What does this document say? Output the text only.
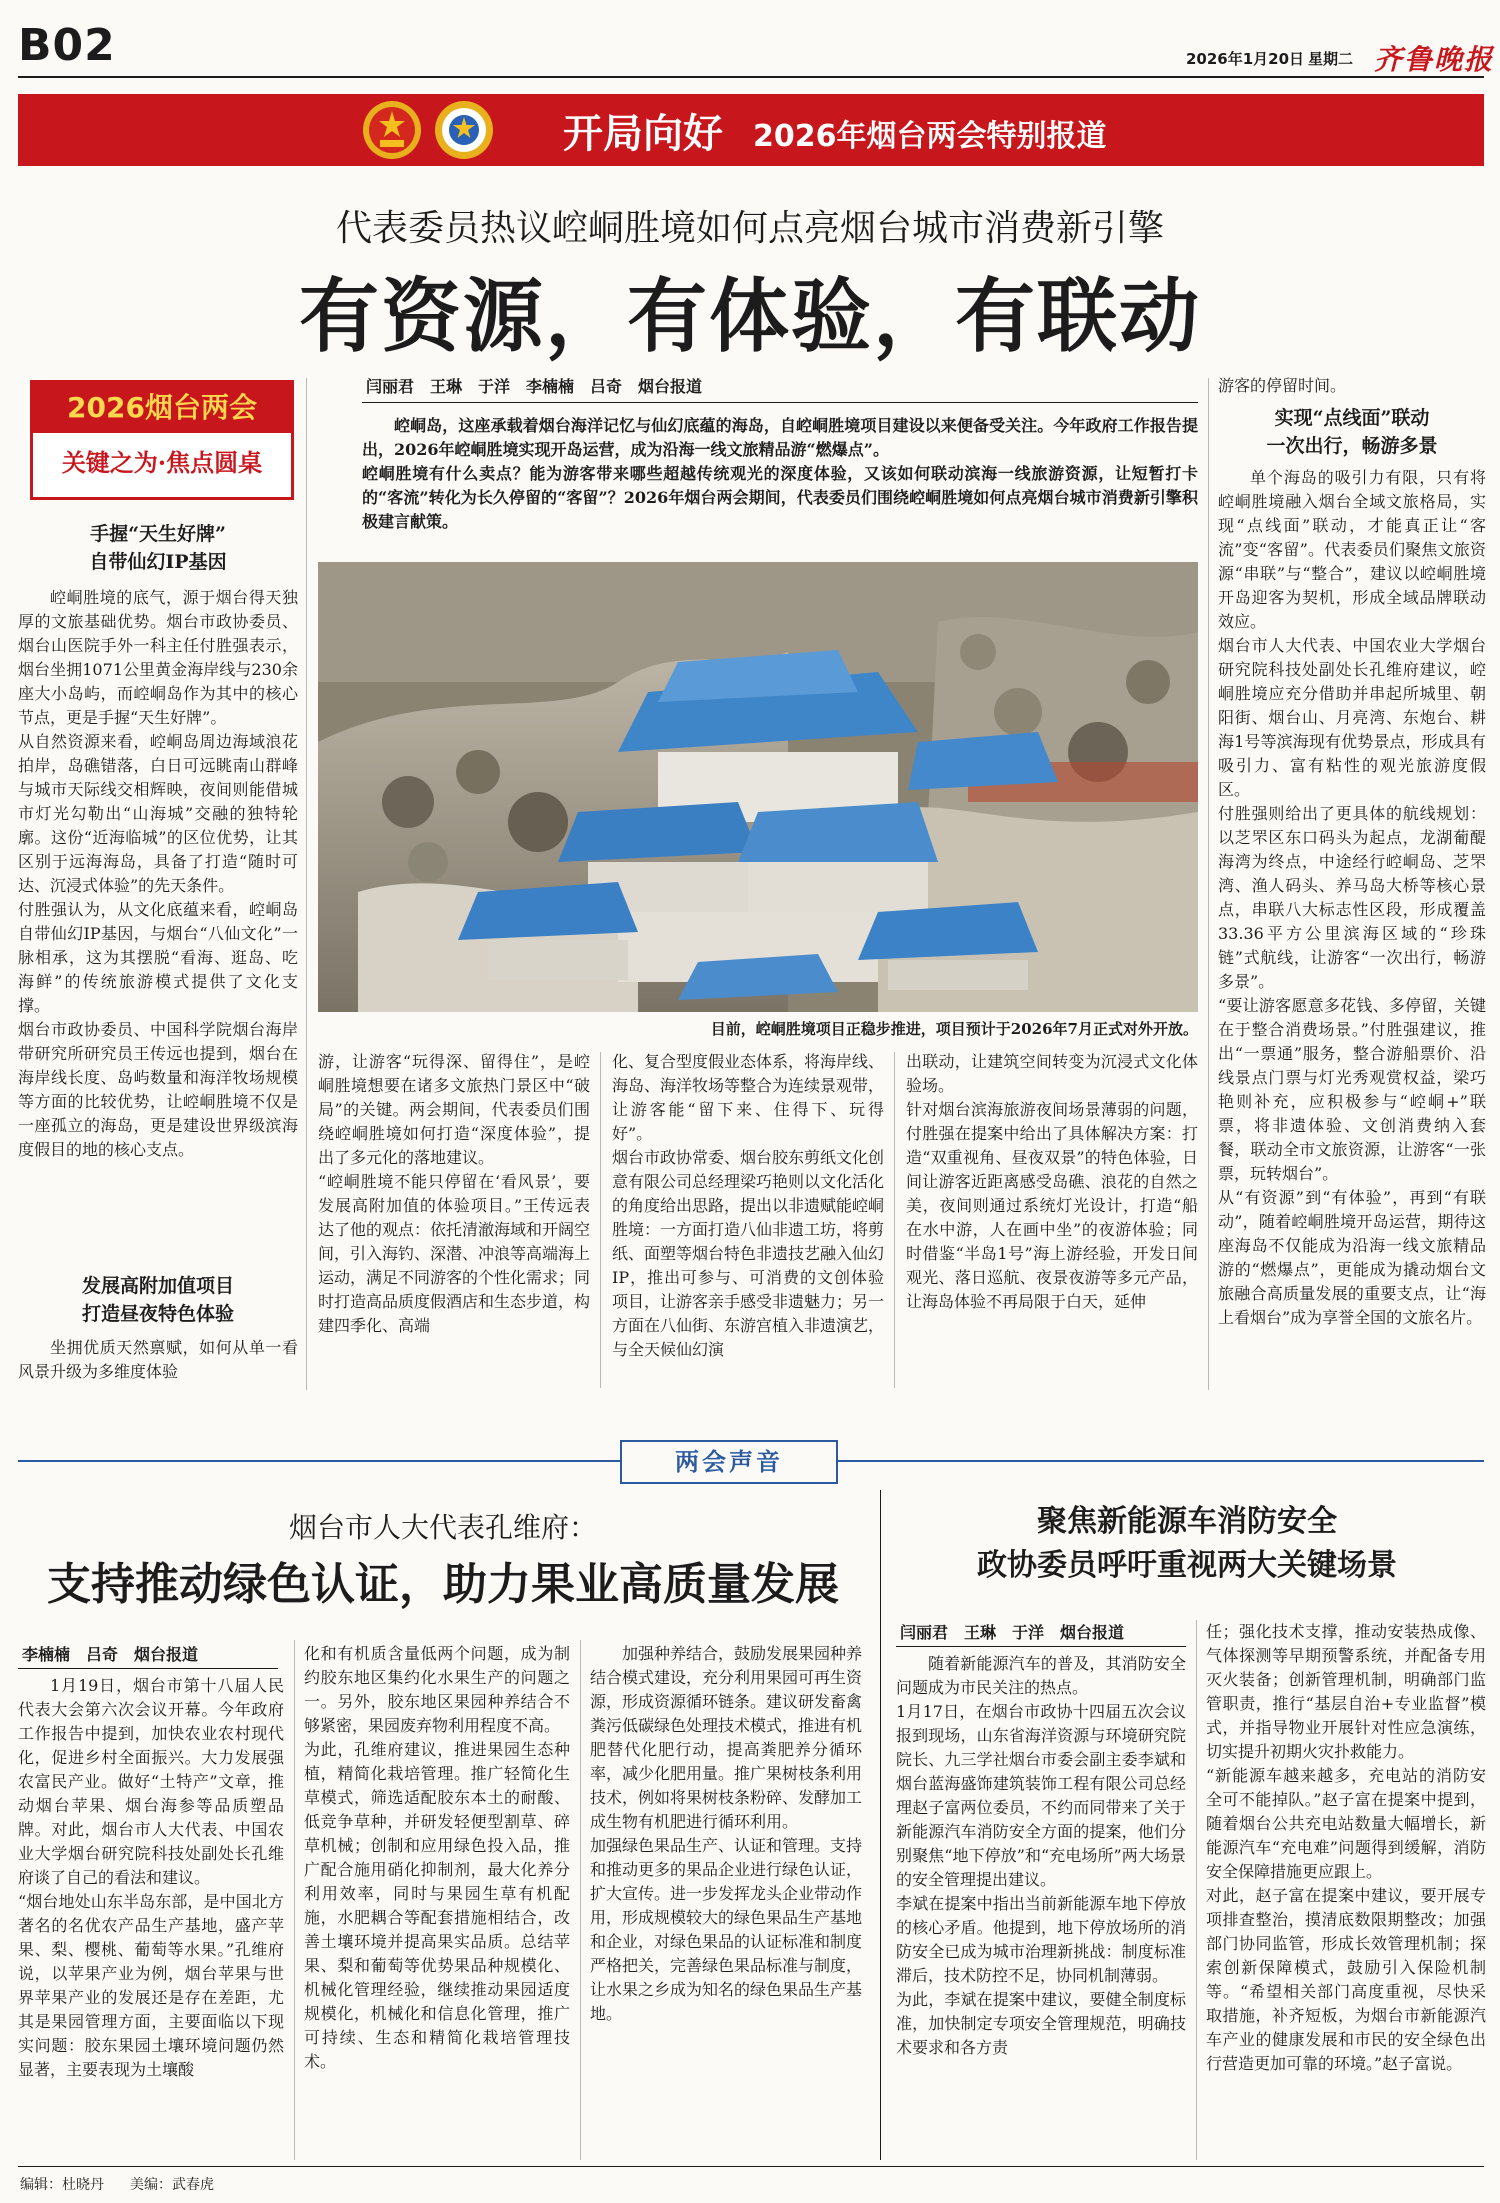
B02	2026年1月20日 星期二 齐鲁晚报
开局向好 2026年烟台两会特别报道
代表委员热议崆峒胜境如何点亮烟台城市消费新引擎
有资源，有体验，有联动
2026烟台两会
关键之为·焦点圆桌
手握“天生好牌”
自带仙幻IP基因
崆峒胜境的底气，源于烟台得天独厚的文旅基础优势。烟台市政协委员、烟台山医院手外一科主任付胜强表示，烟台坐拥1071公里黄金海岸线与230余座大小岛屿，而崆峒岛作为其中的核心节点，更是手握“天生好牌”。
从自然资源来看，崆峒岛周边海域浪花拍岸，岛礁错落，白日可远眺南山群峰与城市天际线交相辉映，夜间则能借城市灯光勾勒出“山海城”交融的独特轮廓。这份“近海临城”的区位优势，让其区别于远海海岛，具备了打造“随时可达、沉浸式体验”的先天条件。
付胜强认为，从文化底蕴来看，崆峒岛自带仙幻IP基因，与烟台“八仙文化”一脉相承，这为其摆脱“看海、逛岛、吃海鲜”的传统旅游模式提供了文化支撑。
烟台市政协委员、中国科学院烟台海岸带研究所研究员王传远也提到，烟台在海岸线长度、岛屿数量和海洋牧场规模等方面的比较优势，让崆峒胜境不仅是一座孤立的海岛，更是建设世界级滨海度假目的地的核心支点。
发展高附加值项目
打造昼夜特色体验
坐拥优质天然禀赋，如何从单一看风景升级为多维度体验
闫丽君　王琳　于洋　李楠楠　吕奇　烟台报道
崆峒岛，这座承载着烟台海洋记忆与仙幻底蕴的海岛，自崆峒胜境项目建设以来便备受关注。今年政府工作报告提出，2026年崆峒胜境实现开岛运营，成为沿海一线文旅精品游“燃爆点”。
崆峒胜境有什么卖点？能为游客带来哪些超越传统观光的深度体验，又该如何联动滨海一线旅游资源，让短暂打卡的“客流”转化为长久停留的“客留”？2026年烟台两会期间，代表委员们围绕崆峒胜境如何点亮烟台城市消费新引擎积极建言献策。
目前，崆峒胜境项目正稳步推进，项目预计于2026年7月正式对外开放。
游，让游客“玩得深、留得住”，是崆峒胜境想要在诸多文旅热门景区中“破局”的关键。两会期间，代表委员们围绕崆峒胜境如何打造“深度体验”，提出了多元化的落地建议。
“崆峒胜境不能只停留在‘看风景’，要发展高附加值的体验项目。”王传远表达了他的观点：依托清澈海域和开阔空间，引入海钓、深潜、冲浪等高端海上运动，满足不同游客的个性化需求；同时打造高品质度假酒店和生态步道，构建四季化、高端
化、复合型度假业态体系，将海岸线、海岛、海洋牧场等整合为连续景观带，让游客能“留下来、住得下、玩得好”。
烟台市政协常委、烟台胶东剪纸文化创意有限公司总经理梁巧艳则以文化活化的角度给出思路，提出以非遗赋能崆峒胜境：一方面打造八仙非遗工坊，将剪纸、面塑等烟台特色非遗技艺融入仙幻IP，推出可参与、可消费的文创体验项目，让游客亲手感受非遗魅力；另一方面在八仙街、东游宫植入非遗演艺，与全天候仙幻演
出联动，让建筑空间转变为沉浸式文化体验场。
针对烟台滨海旅游夜间场景薄弱的问题，付胜强在提案中给出了具体解决方案：打造“双重视角、昼夜双景”的特色体验，日间让游客近距离感受岛礁、浪花的自然之美，夜间则通过系统灯光设计，打造“船在水中游，人在画中坐”的夜游体验；同时借鉴“半岛1号”海上游经验，开发日间观光、落日巡航、夜景夜游等多元产品，让海岛体验不再局限于白天，延伸
游客的停留时间。
实现“点线面”联动
一次出行，畅游多景
单个海岛的吸引力有限，只有将崆峒胜境融入烟台全域文旅格局，实现“点线面”联动，才能真正让“客流”变“客留”。代表委员们聚焦文旅资源“串联”与“整合”，建议以崆峒胜境开岛迎客为契机，形成全域品牌联动效应。
烟台市人大代表、中国农业大学烟台研究院科技处副处长孔维府建议，崆峒胜境应充分借助并串起所城里、朝阳街、烟台山、月亮湾、东炮台、耕海1号等滨海现有优势景点，形成具有吸引力、富有粘性的观光旅游度假区。
付胜强则给出了更具体的航线规划：以芝罘区东口码头为起点，龙湖葡醍海湾为终点，中途经行崆峒岛、芝罘湾、渔人码头、养马岛大桥等核心景点，串联八大标志性区段，形成覆盖33.36平方公里滨海区域的“珍珠链”式航线，让游客“一次出行，畅游多景”。
“要让游客愿意多花钱、多停留，关键在于整合消费场景。”付胜强建议，推出“一票通”服务，整合游船票价、沿线景点门票与灯光秀观赏权益，梁巧艳则补充，应积极参与“崆峒+”联票，将非遗体验、文创消费纳入套餐，联动全市文旅资源，让游客“一张票，玩转烟台”。
从“有资源”到“有体验”，再到“有联动”，随着崆峒胜境开岛运营，期待这座海岛不仅能成为沿海一线文旅精品游的“燃爆点”，更能成为撬动烟台文旅融合高质量发展的重要支点，让“海上看烟台”成为享誉全国的文旅名片。
两会声音
烟台市人大代表孔维府：
支持推动绿色认证，助力果业高质量发展
李楠楠　吕奇　烟台报道
1月19日，烟台市第十八届人民代表大会第六次会议开幕。今年政府工作报告中提到，加快农业农村现代化，促进乡村全面振兴。大力发展强农富民产业。做好“土特产”文章，推动烟台苹果、烟台海参等品质塑品牌。对此，烟台市人大代表、中国农业大学烟台研究院科技处副处长孔维府谈了自己的看法和建议。
“烟台地处山东半岛东部，是中国北方著名的名优农产品生产基地，盛产苹果、梨、樱桃、葡萄等水果。”孔维府说，以苹果产业为例，烟台苹果与世界苹果产业的发展还是存在差距，尤其是果园管理方面，主要面临以下现实问题：胶东果园土壤环境问题仍然显著，主要表现为土壤酸
化和有机质含量低两个问题，成为制约胶东地区集约化水果生产的问题之一。另外，胶东地区果园种养结合不够紧密，果园废弃物利用程度不高。
为此，孔维府建议，推进果园生态种植，精简化栽培管理。推广轻简化生草模式，筛选适配胶东本土的耐酸、低竞争草种，并研发轻便型割草、碎草机械；创制和应用绿色投入品，推广配合施用硝化抑制剂，最大化养分利用效率，同时与果园生草有机配施，水肥耦合等配套措施相结合，改善土壤环境并提高果实品质。总结苹果、梨和葡萄等优势果品种规模化、机械化管理经验，继续推动果园适度规模化，机械化和信息化管理，推广可持续、生态和精简化栽培管理技术。
加强种养结合，鼓励发展果园种养结合模式建设，充分利用果园可再生资源，形成资源循环链条。建议研发畜禽粪污低碳绿色处理技术模式，推进有机肥替代化肥行动，提高粪肥养分循环率，减少化肥用量。推广果树枝条利用技术，例如将果树枝条粉碎、发酵加工成生物有机肥进行循环利用。
加强绿色果品生产、认证和管理。支持和推动更多的果品企业进行绿色认证，扩大宣传。进一步发挥龙头企业带动作用，形成规模较大的绿色果品生产基地和企业，对绿色果品的认证标准和制度严格把关，完善绿色果品标准与制度，让水果之乡成为知名的绿色果品生产基地。
聚焦新能源车消防安全
政协委员呼吁重视两大关键场景
闫丽君　王琳　于洋　烟台报道
随着新能源汽车的普及，其消防安全问题成为市民关注的热点。
1月17日，在烟台市政协十四届五次会议报到现场，山东省海洋资源与环境研究院院长、九三学社烟台市委会副主委李斌和烟台蓝海盛饰建筑装饰工程有限公司总经理赵子富两位委员，不约而同带来了关于新能源汽车消防安全方面的提案，他们分别聚焦“地下停放”和“充电场所”两大场景的安全管理提出建议。
李斌在提案中指出当前新能源车地下停放的核心矛盾。他提到，地下停放场所的消防安全已成为城市治理新挑战：制度标准滞后，技术防控不足，协同机制薄弱。
为此，李斌在提案中建议，要健全制度标准，加快制定专项安全管理规范，明确技术要求和各方责
任；强化技术支撑，推动安装热成像、气体探测等早期预警系统，并配备专用灭火装备；创新管理机制，明确部门监管职责，推行“基层自治+专业监督”模式，并指导物业开展针对性应急演练，切实提升初期火灾扑救能力。
“新能源车越来越多，充电站的消防安全可不能掉队。”赵子富在提案中提到，随着烟台公共充电站数量大幅增长，新能源汽车“充电难”问题得到缓解，消防安全保障措施更应跟上。
对此，赵子富在提案中建议，要开展专项排查整治，摸清底数限期整改；加强部门协同监管，形成长效管理机制；探索创新保障模式，鼓励引入保险机制等。“希望相关部门高度重视，尽快采取措施，补齐短板，为烟台市新能源汽车产业的健康发展和市民的安全绿色出行营造更加可靠的环境。”赵子富说。
编辑：杜晓丹 美编：武春虎
